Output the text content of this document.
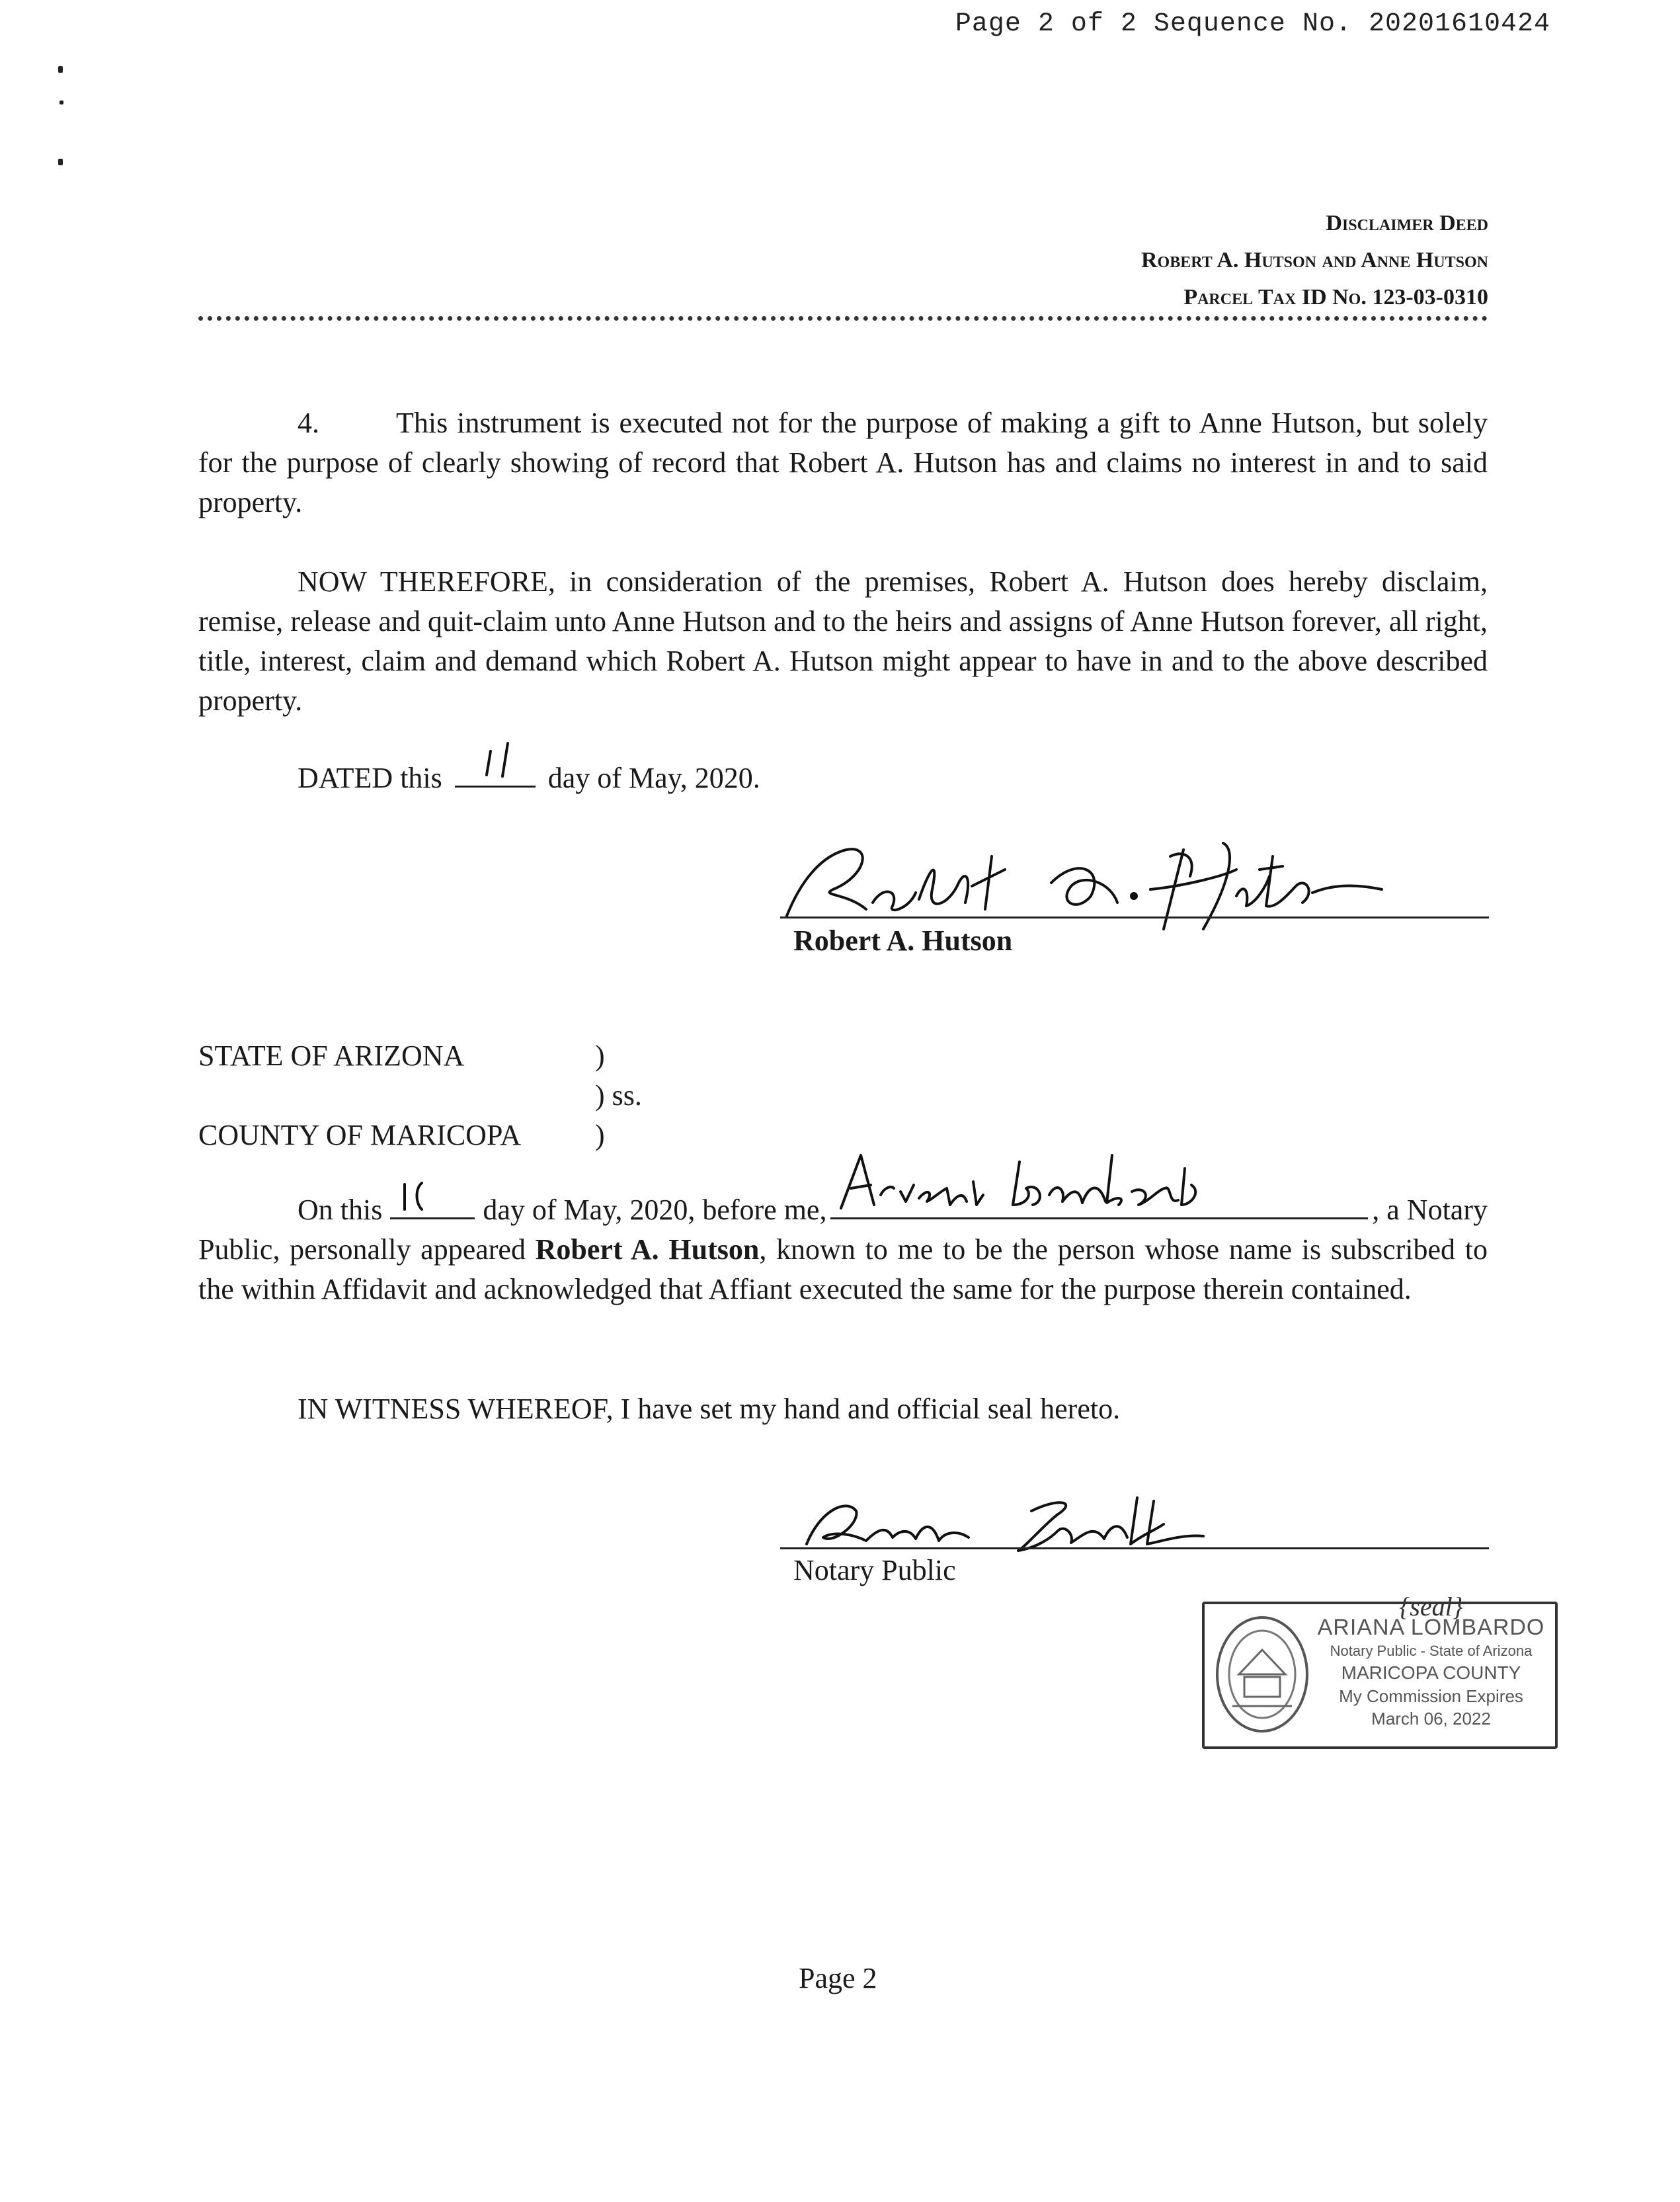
Page 2 of 2 Sequence No. 20201610424
Disclaimer Deed
Robert A. Hutson and Anne Hutson
Parcel Tax ID No. 123-03-0310
4.	This instrument is executed not for the purpose of making a gift to Anne Hutson, but solely for the purpose of clearly showing of record that Robert A. Hutson has and claims no interest in and to said property.
NOW THEREFORE, in consideration of the premises, Robert A. Hutson does hereby disclaim, remise, release and quit-claim unto Anne Hutson and to the heirs and assigns of Anne Hutson forever, all right, title, interest, claim and demand which Robert A. Hutson might appear to have in and to the above described property.
DATED this	day of May, 2020.
Robert A. Hutson
STATE OF ARIZONA	)
) ss.
COUNTY OF MARICOPA	)
On this	day of May, 2020, before me,	, a Notary
Public, personally appeared Robert A. Hutson, known to me to be the person whose name is subscribed to the within Affidavit and acknowledged that Affiant executed the same for the purpose therein contained.
IN WITNESS WHEREOF, I have set my hand and official seal hereto.
Notary Public
{seal}
ARIANA LOMBARDO
Notary Public - State of Arizona
MARICOPA COUNTY
My Commission Expires
March 06, 2022
Page 2
